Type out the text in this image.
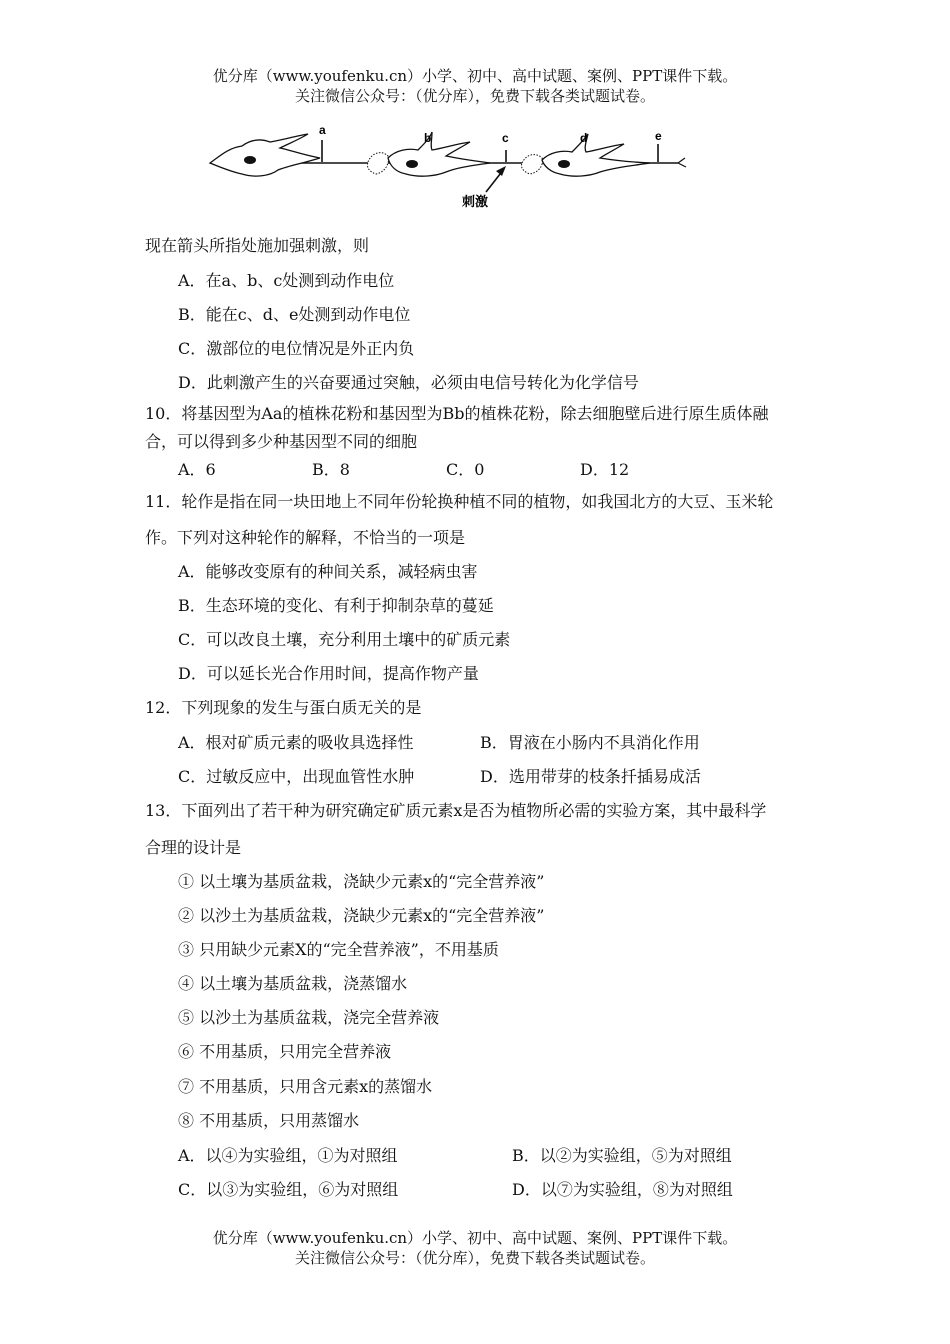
优分库（www.youfenku.cn）小学、初中、高中试题、案例、PPT课件下载。
关注微信公众号：（优分库），免费下载各类试题试卷。
a
b	c	d	e
刺激
现在箭头所指处施加强刺激，则
A．在a、b、c处测到动作电位
B．能在c、d、e处测到动作电位
C．激部位的电位情况是外正内负
D．此刺激产生的兴奋要通过突触，必须由电信号转化为化学信号
10．将基因型为Aa的植株花粉和基因型为Bb的植株花粉，除去细胞壁后进行原生质体融
合，可以得到多少种基因型不同的细胞
A．6	B．8	C．0	D．12
11．轮作是指在同一块田地上不同年份轮换种植不同的植物，如我国北方的大豆、玉米轮
作。下列对这种轮作的解释，不恰当的一项是
A．能够改变原有的种间关系，减轻病虫害
B．生态环境的变化、有利于抑制杂草的蔓延
C．可以改良土壤，充分利用土壤中的矿质元素
D．可以延长光合作用时间，提高作物产量
12．下列现象的发生与蛋白质无关的是
A．根对矿质元素的吸收具选择性	B．胃液在小肠内不具消化作用
C．过敏反应中，出现血管性水肿	D．选用带芽的枝条扦插易成活
13．下面列出了若干种为研究确定矿质元素x是否为植物所必需的实验方案，其中最科学
合理的设计是
① 以土壤为基质盆栽，浇缺少元素x的“完全营养液”
② 以沙土为基质盆栽，浇缺少元素x的“完全营养液”
③ 只用缺少元素X的“完全营养液”，不用基质
④ 以土壤为基质盆栽，浇蒸馏水
⑤ 以沙土为基质盆栽，浇完全营养液
⑥ 不用基质，只用完全营养液
⑦ 不用基质，只用含元素x的蒸馏水
⑧ 不用基质，只用蒸馏水
A．以④为实验组，①为对照组	B．以②为实验组，⑤为对照组
C．以③为实验组，⑥为对照组	D．以⑦为实验组，⑧为对照组
优分库（www.youfenku.cn）小学、初中、高中试题、案例、PPT课件下载。
关注微信公众号：（优分库），免费下载各类试题试卷。
